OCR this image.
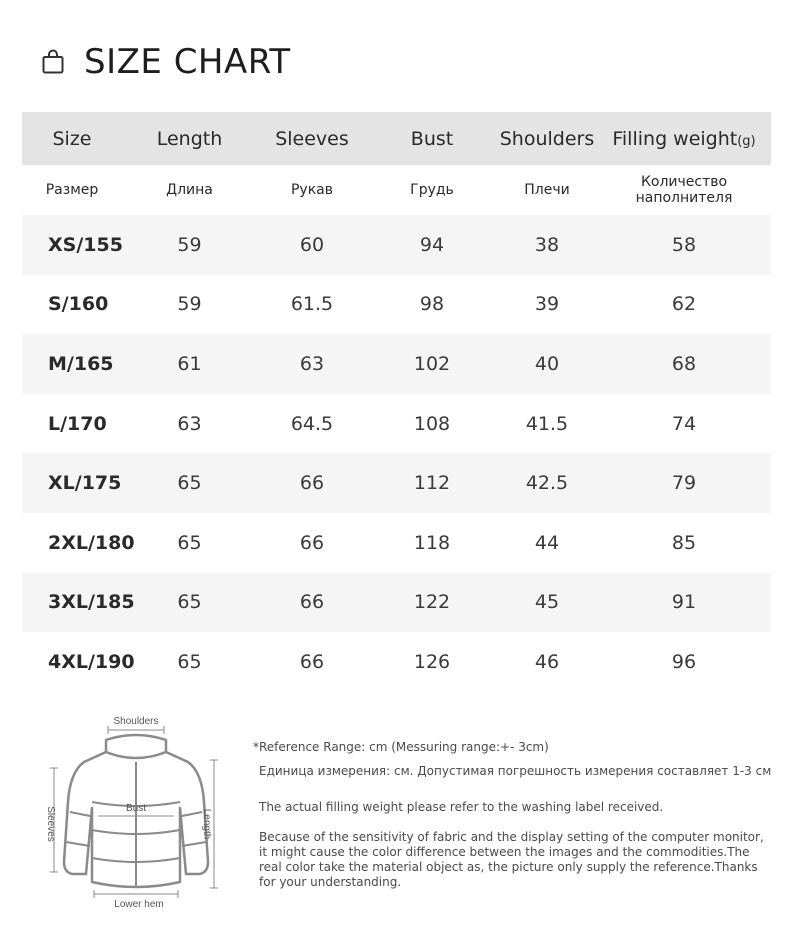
SIZE CHART
Size	Length	Sleeves	Bust	Shoulders	Filling weight(g)
Размер	Длина	Рукав	Грудь	Плечи	Количество наполнителя
XS/155	59	60	94	38	58
S/160	59	61.5	98	39	62
M/165	61	63	102	40	68
L/170	63	64.5	108	41.5	74
XL/175	65	66	112	42.5	79
2XL/180	65	66	118	44	85
3XL/185	65	66	122	45	91
4XL/190	65	66	126	46	96
Shoulders
Bust
Sleeves	Length
Lower hem
*Reference Range: cm (Messuring range:+- 3cm)
Единица измерения: см. Допустимая погрешность измерения составляет 1-3 см
The actual filling weight please refer to the washing label received.
Because of the sensitivity of fabric and the display setting of the computer monitor, it might cause the color difference between the images and the commodities.The real color take the material object as, the picture only supply the reference.Thanks for your understanding.
